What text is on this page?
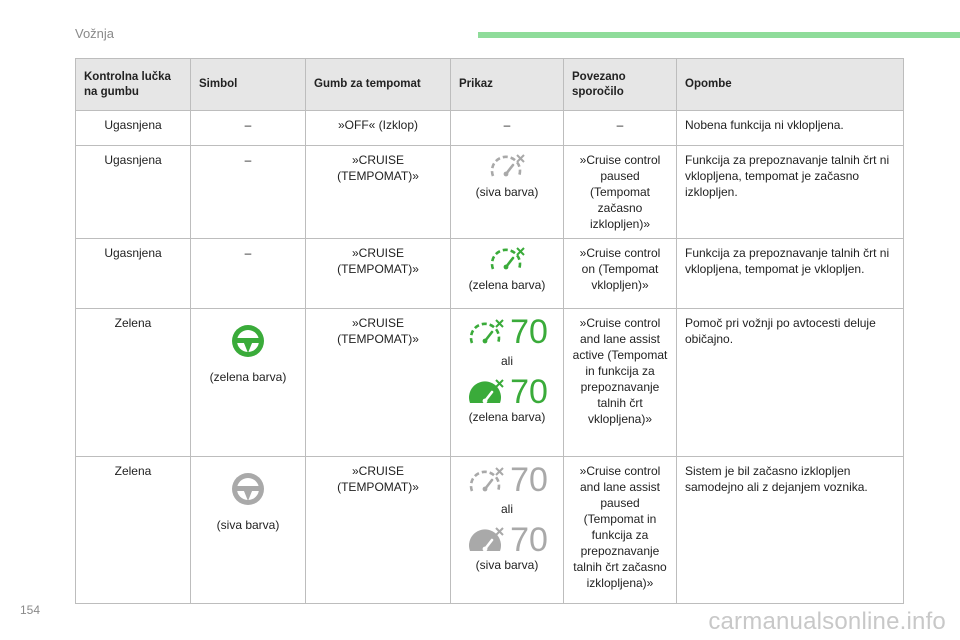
Vožnja
Kontrolna lučka na gumbu	Simbol	Gumb za tempomat	Prikaz	Povezano sporočilo	Opombe
Ugasnjena	–	»OFF« (Izklop)	–	–	Nobena funkcija ni vklopljena.
Ugasnjena	–	»CRUISE (TEMPOMAT)»	(siva barva)	»Cruise control paused (Tempomat začasno izklopljen)»	Funkcija za prepoznavanje talnih črt ni vklopljena, tempomat je začasno izklopljen.
Ugasnjena	–	»CRUISE (TEMPOMAT)»	(zelena barva)	»Cruise control on (Tempomat vklopljen)»	Funkcija za prepoznavanje talnih črt ni vklopljena, tempomat je vklopljen.
Zelena	(zelena barva)	»CRUISE (TEMPOMAT)»	70
ali
70
(zelena barva)	»Cruise control and lane assist active (Tempomat in funkcija za prepoznavanje talnih črt vklopljena)»	Pomoč pri vožnji po avtocesti deluje običajno.
Zelena	(siva barva)	»CRUISE (TEMPOMAT)»	70
ali
70
(siva barva)	»Cruise control and lane assist paused (Tempomat in funkcija za prepoznavanje talnih črt začasno izklopljena)»	Sistem je bil začasno izklopljen samodejno ali z dejanjem voznika.
154	carmanualsonline.info
